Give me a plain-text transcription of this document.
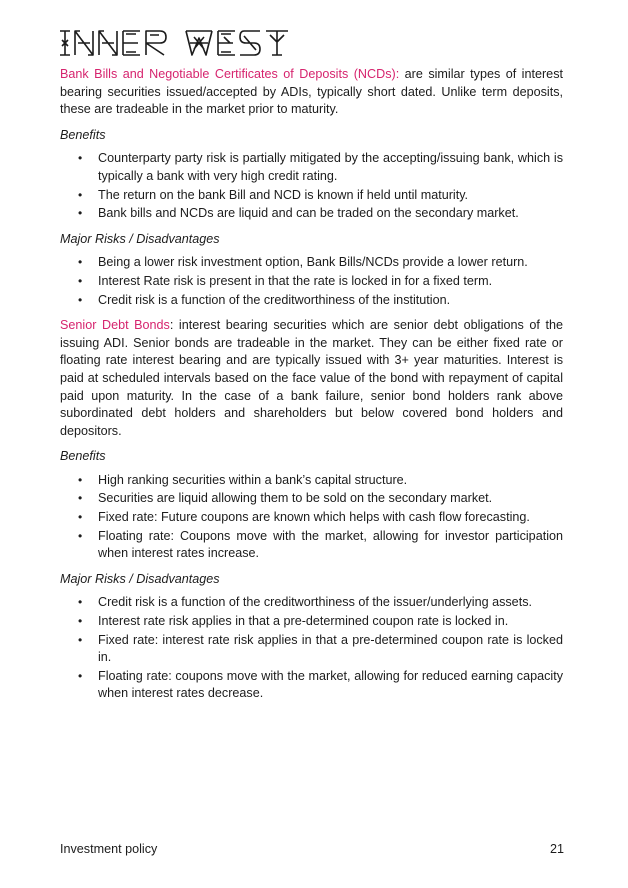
Bank Bills and Negotiable Certificates of Deposits (NCDs): are similar types of interest bearing securities issued/accepted by ADIs, typically short dated. Unlike term deposits, these are tradeable in the market prior to maturity.

Benefits

• Counterparty party risk is partially mitigated by the accepting/issuing bank, which is typically a bank with very high credit rating.
• The return on the bank Bill and NCD is known if held until maturity.
• Bank bills and NCDs are liquid and can be traded on the secondary market.

Major Risks / Disadvantages

• Being a lower risk investment option, Bank Bills/NCDs provide a lower return.
• Interest Rate risk is present in that the rate is locked in for a fixed term.
• Credit risk is a function of the creditworthiness of the institution.

Senior Debt Bonds: interest bearing securities which are senior debt obligations of the issuing ADI. Senior bonds are tradeable in the market. They can be either fixed rate or floating rate interest bearing and are typically issued with 3+ year maturities. Interest is paid at scheduled intervals based on the face value of the bond with repayment of capital paid upon maturity. In the case of a bank failure, senior bond holders rank above subordinated debt holders and shareholders but below covered bond holders and depositors.

Benefits

• High ranking securities within a bank’s capital structure.
• Securities are liquid allowing them to be sold on the secondary market.
• Fixed rate: Future coupons are known which helps with cash flow forecasting.
• Floating rate: Coupons move with the market, allowing for investor participation when interest rates increase.

Major Risks / Disadvantages

• Credit risk is a function of the creditworthiness of the issuer/underlying assets.
• Interest rate risk applies in that a pre-determined coupon rate is locked in.
• Fixed rate: interest rate risk applies in that a pre-determined coupon rate is locked in.
• Floating rate: coupons move with the market, allowing for reduced earning capacity when interest rates decrease.
Investment policy	21
